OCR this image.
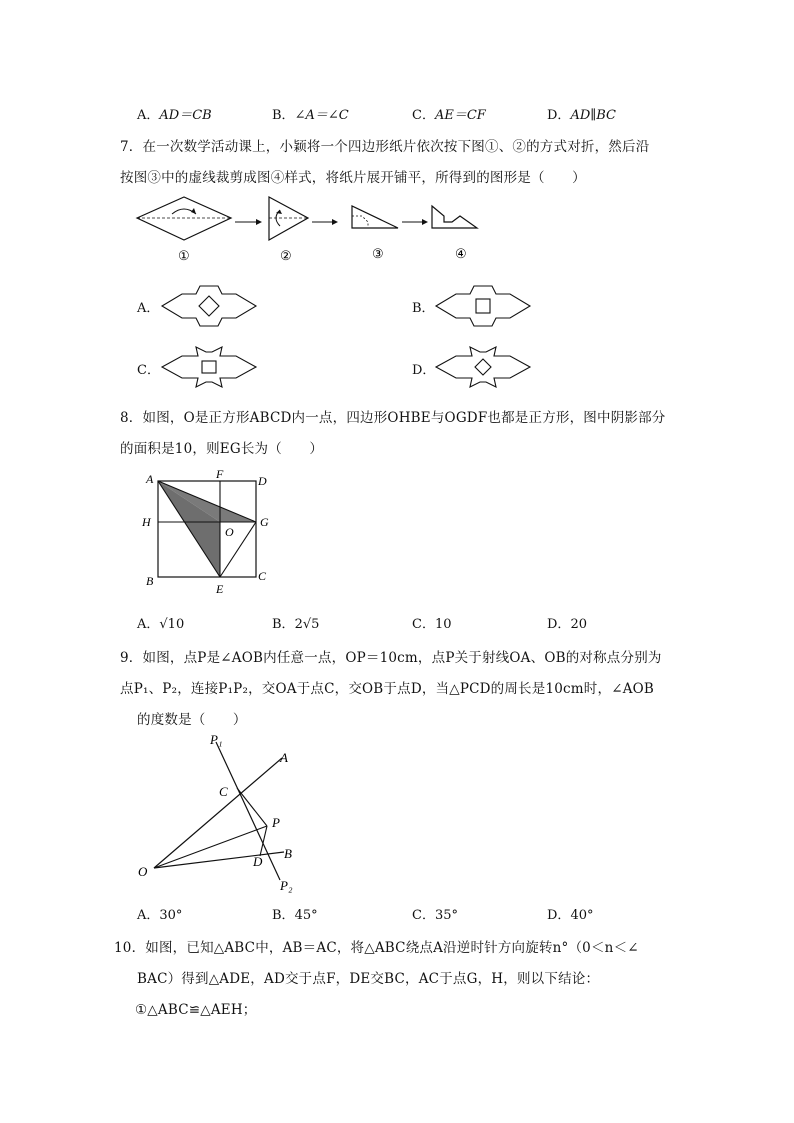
A．AD＝CB	B．∠A＝∠C	C．AE＝CF	D．AD∥BC
7．在一次数学活动课上，小颖将一个四边形纸片依次按下图①、②的方式对折，然后沿
按图③中的虚线裁剪成图④样式，将纸片展开铺平，所得到的图形是（　　）
①	②	③	④
A．	B．
C．	D．
8．如图，O是正方形ABCD内一点，四边形OHBE与OGDF也都是正方形，图中阴影部分
的面积是10，则EG长为（　　）
A	D
F
H
O
G
B
E
C
A．√10	B．2√5	C．10	D．20
9．如图，点P是∠AOB内任意一点，OP＝10cm，点P关于射线OA、OB的对称点分别为
点P₁、P₂，连接P₁P₂，交OA于点C，交OB于点D，当△PCD的周长是10cm时，∠AOB
的度数是（　　）
P₁
A
C
P
O
D
B
P₂
A．30°	B．45°	C．35°	D．40°
10．如图，已知△ABC中，AB＝AC，将△ABC绕点A沿逆时针方向旋转n°（0＜n＜∠
BAC）得到△ADE，AD交于点F，DE交BC，AC于点G，H，则以下结论：
①△ABC≌△AEH；
